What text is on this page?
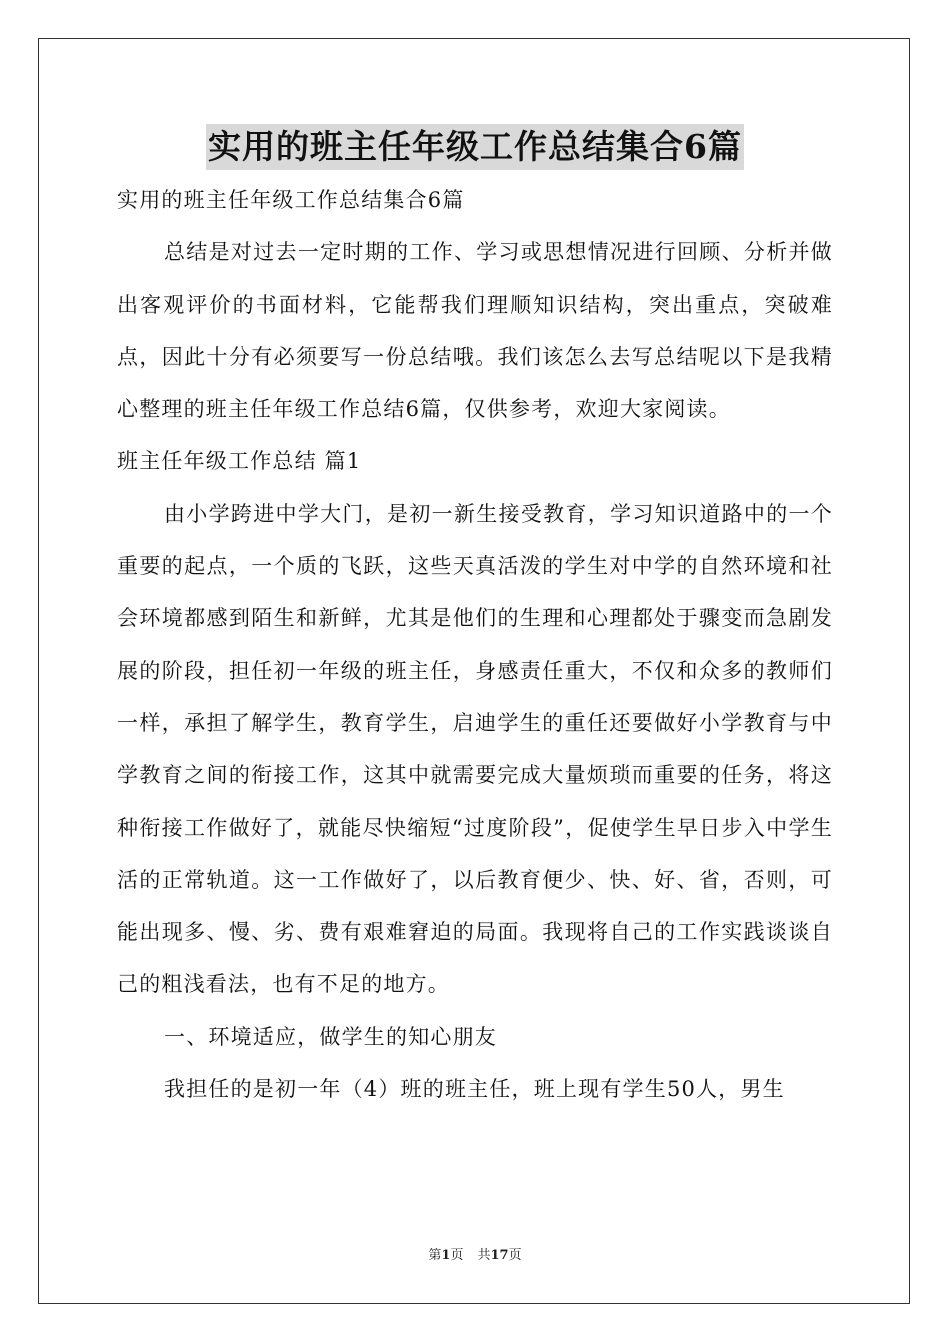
实用的班主任年级工作总结集合6篇

实用的班主任年级工作总结集合6篇

总结是对过去一定时期的工作、学习或思想情况进行回顾、分析并做出客观评价的书面材料，它能帮我们理顺知识结构，突出重点，突破难点，因此十分有必须要写一份总结哦。我们该怎么去写总结呢以下是我精心整理的班主任年级工作总结6篇，仅供参考，欢迎大家阅读。

班主任年级工作总结 篇1

由小学跨进中学大门，是初一新生接受教育，学习知识道路中的一个重要的起点，一个质的飞跃，这些天真活泼的学生对中学的自然环境和社会环境都感到陌生和新鲜，尤其是他们的生理和心理都处于骤变而急剧发展的阶段，担任初一年级的班主任，身感责任重大，不仅和众多的教师们一样，承担了解学生，教育学生，启迪学生的重任还要做好小学教育与中学教育之间的衔接工作，这其中就需要完成大量烦琐而重要的任务，将这种衔接工作做好了，就能尽快缩短“过度阶段”，促使学生早日步入中学生活的正常轨道。这一工作做好了，以后教育便少、快、好、省，否则，可能出现多、慢、劣、费有艰难窘迫的局面。我现将自己的工作实践谈谈自己的粗浅看法，也有不足的地方。

一、环境适应，做学生的知心朋友

我担任的是初一年（4）班的班主任，班上现有学生50人，男生

第1页 共17页
